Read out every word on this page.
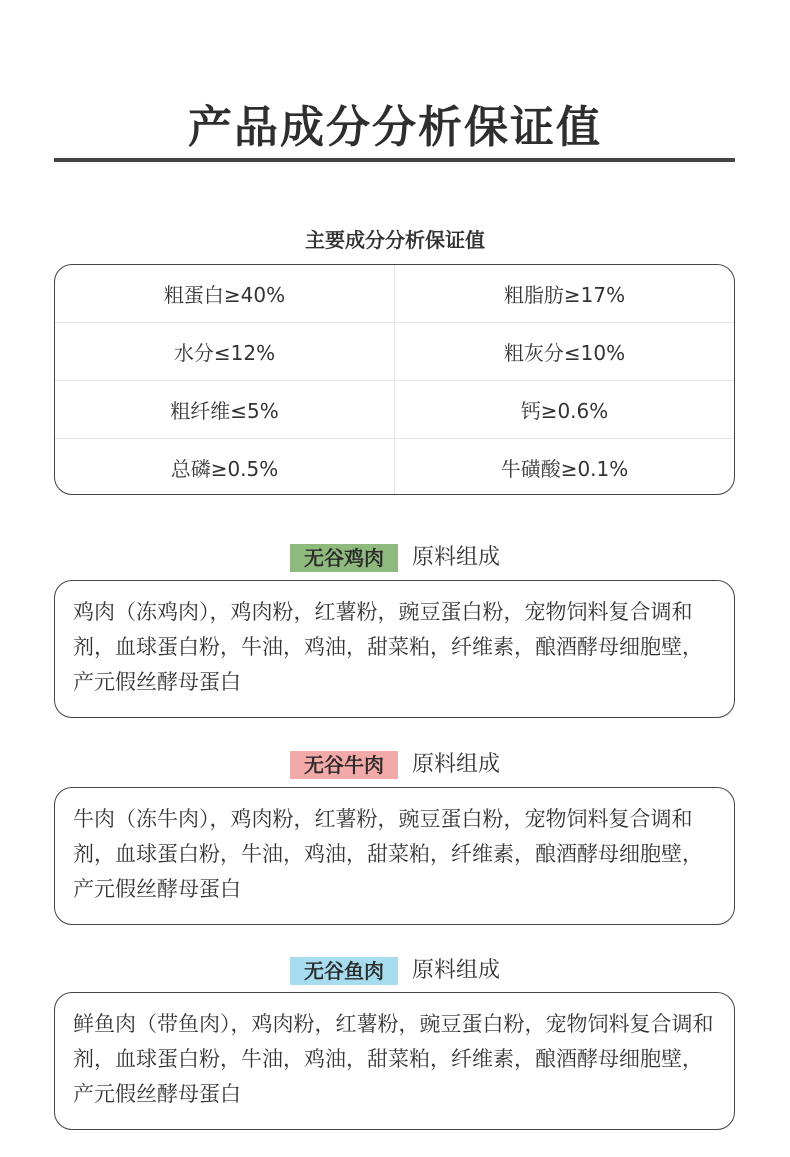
产品成分分析保证值
主要成分分析保证值
粗蛋白≥40%	粗脂肪≥17%
水分≤12%	粗灰分≤10%
粗纤维≤5%	钙≥0.6%
总磷≥0.5%	牛磺酸≥0.1%
无谷鸡肉	原料组成
鸡肉（冻鸡肉），鸡肉粉，红薯粉，豌豆蛋白粉，宠物饲料复合调和剂，血球蛋白粉，牛油，鸡油，甜菜粕，纤维素，酿酒酵母细胞壁，产元假丝酵母蛋白
无谷牛肉	原料组成
牛肉（冻牛肉），鸡肉粉，红薯粉，豌豆蛋白粉，宠物饲料复合调和剂，血球蛋白粉，牛油，鸡油，甜菜粕，纤维素，酿酒酵母细胞壁，产元假丝酵母蛋白
无谷鱼肉	原料组成
鲜鱼肉（带鱼肉），鸡肉粉，红薯粉，豌豆蛋白粉，宠物饲料复合调和剂，血球蛋白粉，牛油，鸡油，甜菜粕，纤维素，酿酒酵母细胞壁，产元假丝酵母蛋白
